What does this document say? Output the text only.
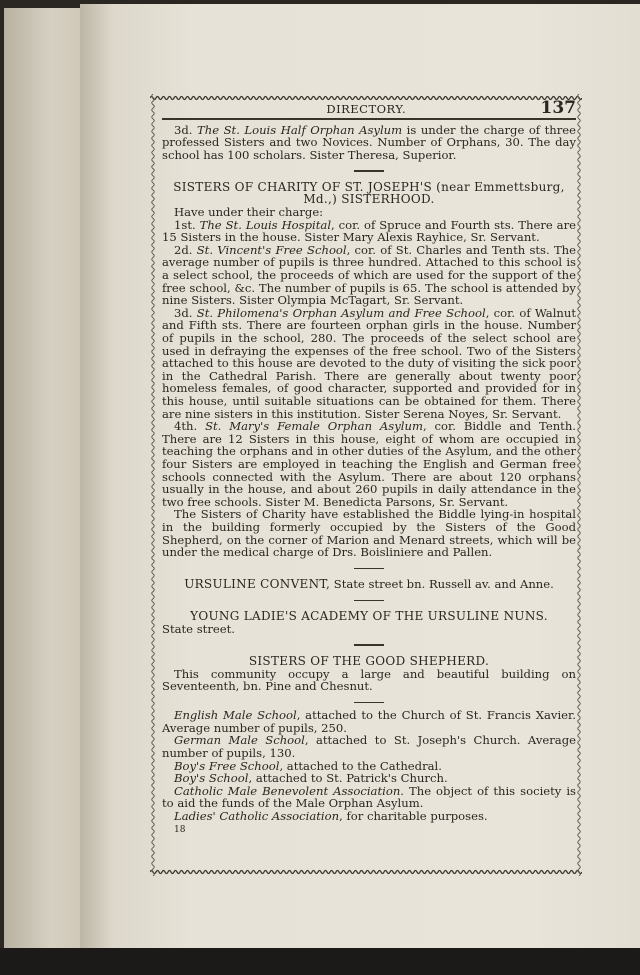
DIRECTORY.	137

3d. The St. Louis Half Orphan Asylum is under the charge of three professed Sisters and two Novices. Number of Orphans, 30. The day school has 100 scholars. Sister Theresa, Superior.

SISTERS OF CHARITY OF ST. JOSEPH'S (near Emmettsburg, Md.,) SISTERHOOD.

Have under their charge:

1st. The St. Louis Hospital, cor. of Spruce and Fourth sts. There are 15 Sisters in the house. Sister Mary Alexis Rayhice, Sr. Servant.

2d. St. Vincent's Free School, cor. of St. Charles and Tenth sts. The average number of pupils is three hundred. Attached to this school is a select school, the proceeds of which are used for the support of the free school, &c. The number of pupils is 65. The school is attended by nine Sisters. Sister Olympia McTagart, Sr. Servant.

3d. St. Philomena's Orphan Asylum and Free School, cor. of Walnut and Fifth sts. There are fourteen orphan girls in the house. Number of pupils in the school, 280. The proceeds of the select school are used in defraying the expenses of the free school. Two of the Sisters attached to this house are devoted to the duty of visiting the sick poor in the Cathedral Parish. There are generally about twenty poor homeless females, of good character, supported and provided for in this house, until suitable situations can be obtained for them. There are nine sisters in this institution. Sister Serena Noyes, Sr. Servant.

4th. St. Mary's Female Orphan Asylum, cor. Biddle and Tenth. There are 12 Sisters in this house, eight of whom are occupied in teaching the orphans and in other duties of the Asylum, and the other four Sisters are employed in teaching the English and German free schools connected with the Asylum. There are about 120 orphans usually in the house, and about 260 pupils in daily attendance in the two free schools. Sister M. Benedicta Parsons, Sr. Servant.

The Sisters of Charity have established the Biddle lying-in hospital in the building formerly occupied by the Sisters of the Good Shepherd, on the corner of Marion and Menard streets, which will be under the medical charge of Drs. Boisliniere and Pallen.

URSULINE CONVENT, State street bn. Russell av. and Anne.

YOUNG LADIE'S ACADEMY OF THE URSULINE NUNS.

State street.

SISTERS OF THE GOOD SHEPHERD.

This community occupy a large and beautiful building on Seventeenth, bn. Pine and Chesnut.

English Male School, attached to the Church of St. Francis Xavier. Average number of pupils, 250.

German Male School, attached to St. Joseph's Church. Average number of pupils, 130.

Boy's Free School, attached to the Cathedral.

Boy's School, attached to St. Patrick's Church.

Catholic Male Benevolent Association. The object of this society is to aid the funds of the Male Orphan Asylum.

Ladies' Catholic Association, for charitable purposes.

18
